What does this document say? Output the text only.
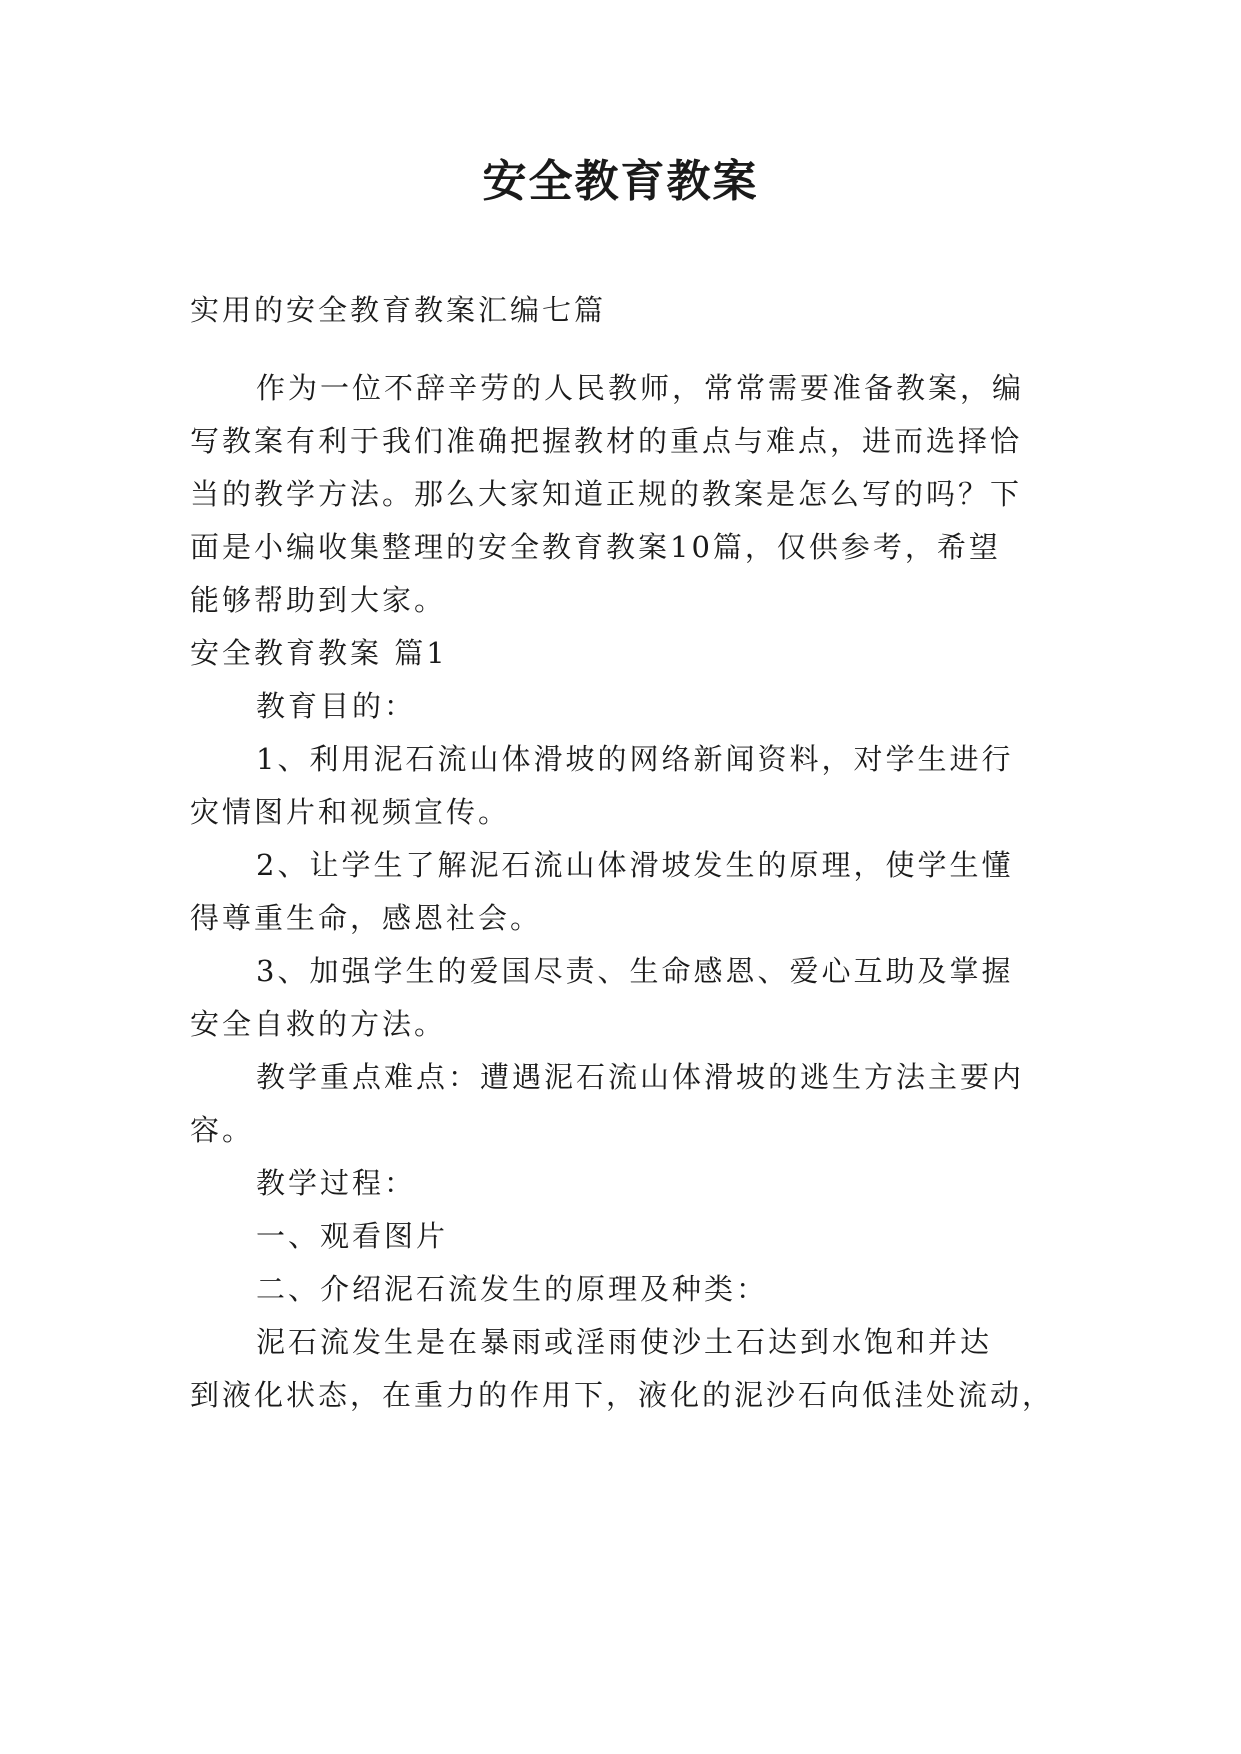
安全教育教案

实用的安全教育教案汇编七篇

作为一位不辞辛劳的人民教师，常常需要准备教案，编

写教案有利于我们准确把握教材的重点与难点，进而选择恰

当的教学方法。那么大家知道正规的教案是怎么写的吗？下

面是小编收集整理的安全教育教案10篇，仅供参考，希望

能够帮助到大家。

安全教育教案 篇1

教育目的：

1、利用泥石流山体滑坡的网络新闻资料，对学生进行

灾情图片和视频宣传。

2、让学生了解泥石流山体滑坡发生的原理，使学生懂

得尊重生命，感恩社会。

3、加强学生的爱国尽责、生命感恩、爱心互助及掌握

安全自救的方法。

教学重点难点：遭遇泥石流山体滑坡的逃生方法主要内

容。

教学过程：

一、观看图片

二、介绍泥石流发生的原理及种类：

泥石流发生是在暴雨或淫雨使沙土石达到水饱和并达

到液化状态，在重力的作用下，液化的泥沙石向低洼处流动，
